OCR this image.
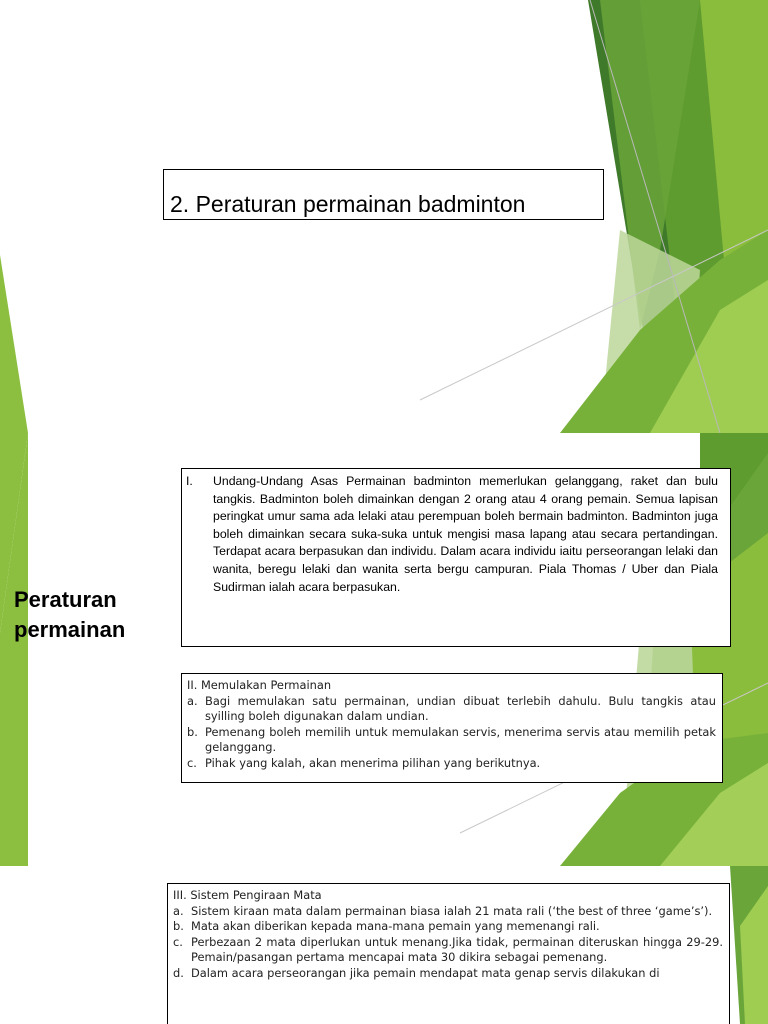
2. Peraturan permainan badminton
Peraturan
permainan
I.	Undang-Undang Asas Permainan badminton memerlukan gelanggang, raket dan bulu tangkis. Badminton boleh dimainkan dengan 2 orang atau 4 orang pemain. Semua lapisan peringkat umur sama ada lelaki atau perempuan boleh bermain badminton. Badminton juga boleh dimainkan secara suka-suka untuk mengisi masa lapang atau secara pertandingan. Terdapat acara berpasukan dan individu. Dalam acara individu iaitu perseorangan lelaki dan wanita, beregu lelaki dan wanita serta bergu campuran. Piala Thomas / Uber dan Piala Sudirman ialah acara berpasukan.
II. Memulakan Permainan
a. Bagi memulakan satu permainan, undian dibuat terlebih dahulu. Bulu tangkis atau syilling boleh digunakan dalam undian.
b. Pemenang boleh memilih untuk memulakan servis, menerima servis atau memilih petak gelanggang.
c. Pihak yang kalah, akan menerima pilihan yang berikutnya.
III. Sistem Pengiraan Mata
a. Sistem kiraan mata dalam permainan biasa ialah 21 mata rali (‘the best of three ‘game’s’).
b. Mata akan diberikan kepada mana-mana pemain yang memenangi rali.
c. Perbezaan 2 mata diperlukan untuk menang.Jika tidak, permainan diteruskan hingga 29-29. Pemain/pasangan pertama mencapai mata 30 dikira sebagai pemenang.
d. Dalam acara perseorangan jika pemain mendapat mata genap servis dilakukan di
